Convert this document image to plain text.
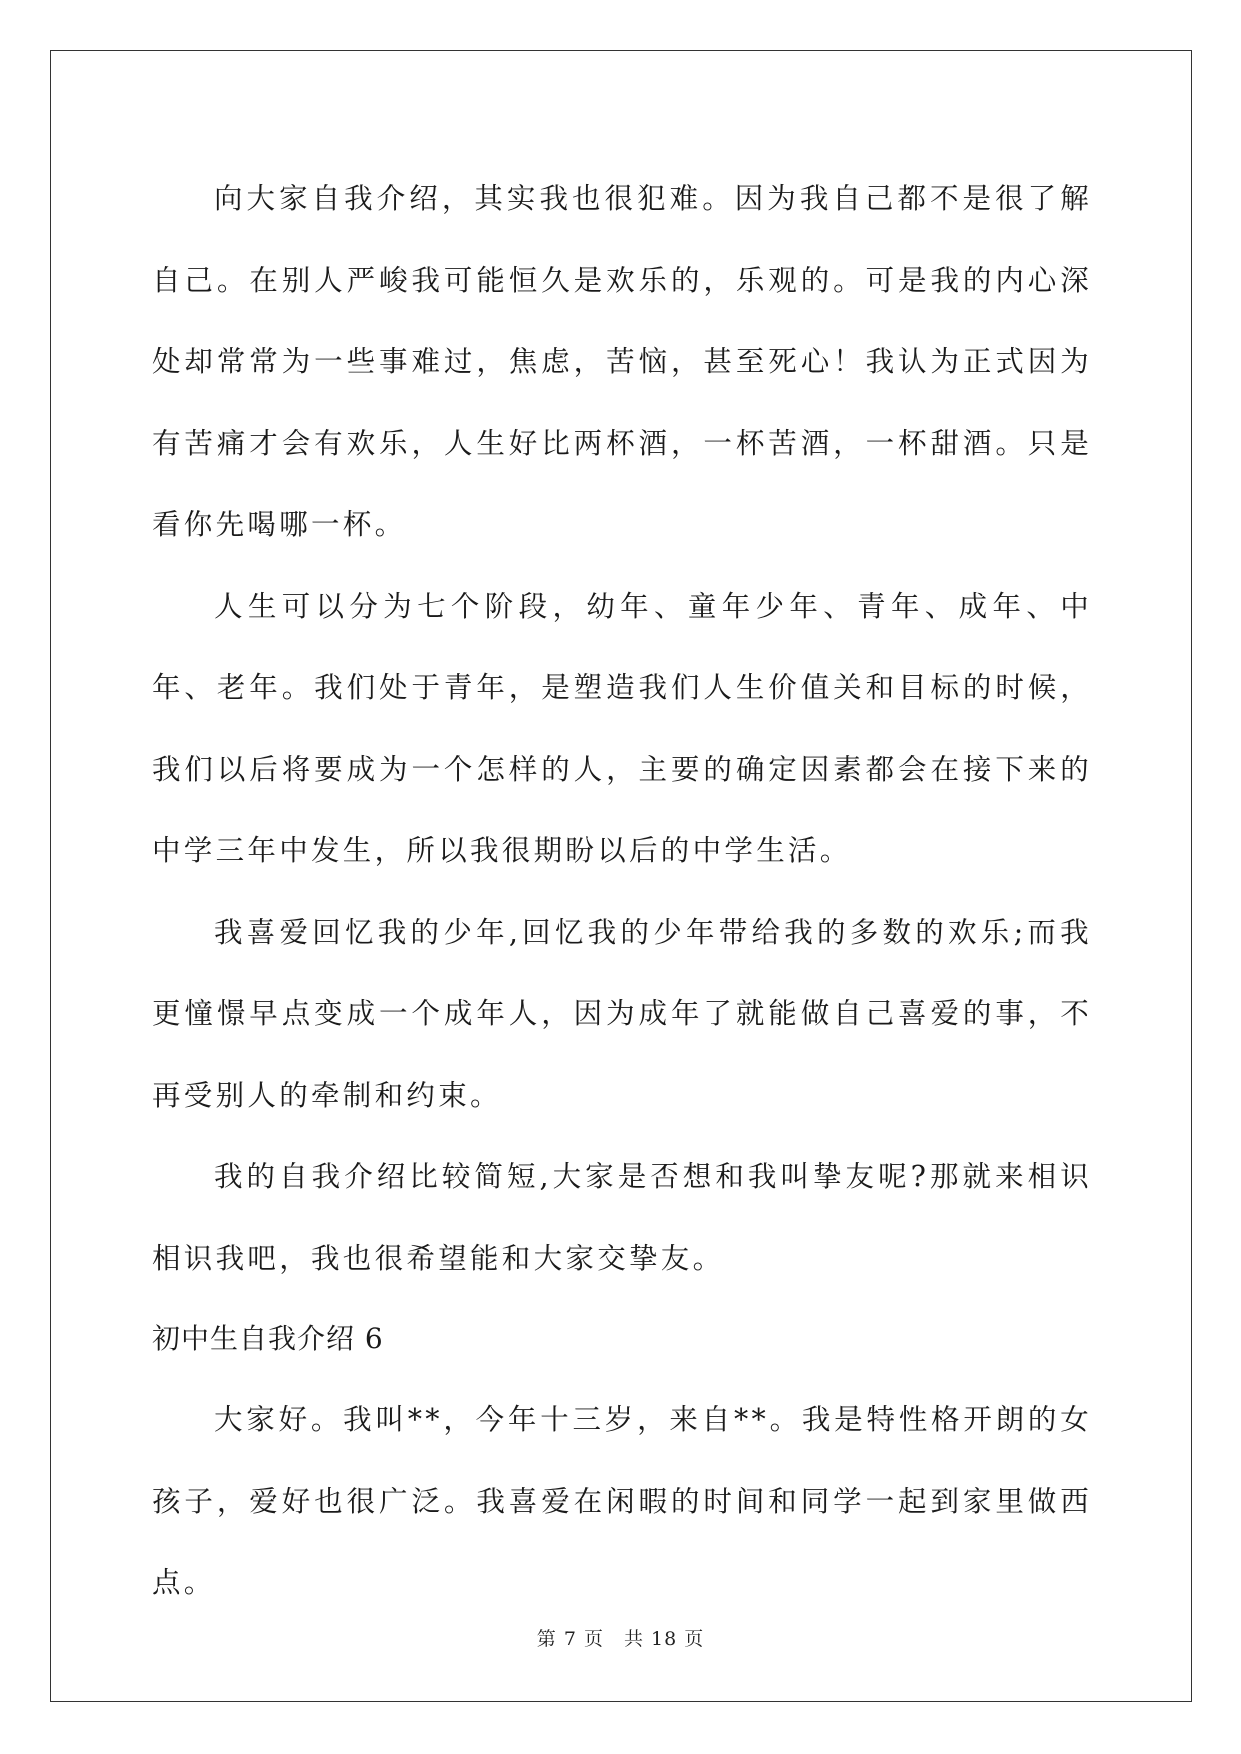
向大家自我介绍，其实我也很犯难。因为我自己都不是很了解自己。在别人严峻我可能恒久是欢乐的，乐观的。可是我的内心深处却常常为一些事难过，焦虑，苦恼，甚至死心！我认为正式因为有苦痛才会有欢乐，人生好比两杯酒，一杯苦酒，一杯甜酒。只是看你先喝哪一杯。

人生可以分为七个阶段，幼年、童年少年、青年、成年、中年、老年。我们处于青年，是塑造我们人生价值关和目标的时候，我们以后将要成为一个怎样的人，主要的确定因素都会在接下来的中学三年中发生，所以我很期盼以后的中学生活。

我喜爱回忆我的少年,回忆我的少年带给我的多数的欢乐;而我更憧憬早点变成一个成年人，因为成年了就能做自己喜爱的事，不再受别人的牵制和约束。

我的自我介绍比较简短,大家是否想和我叫挚友呢?那就来相识相识我吧，我也很希望能和大家交挚友。

初中生自我介绍 6

大家好。我叫**，今年十三岁，来自**。我是特性格开朗的女孩子，爱好也很广泛。我喜爱在闲暇的时间和同学一起到家里做西点。

第 7 页　共 18 页
